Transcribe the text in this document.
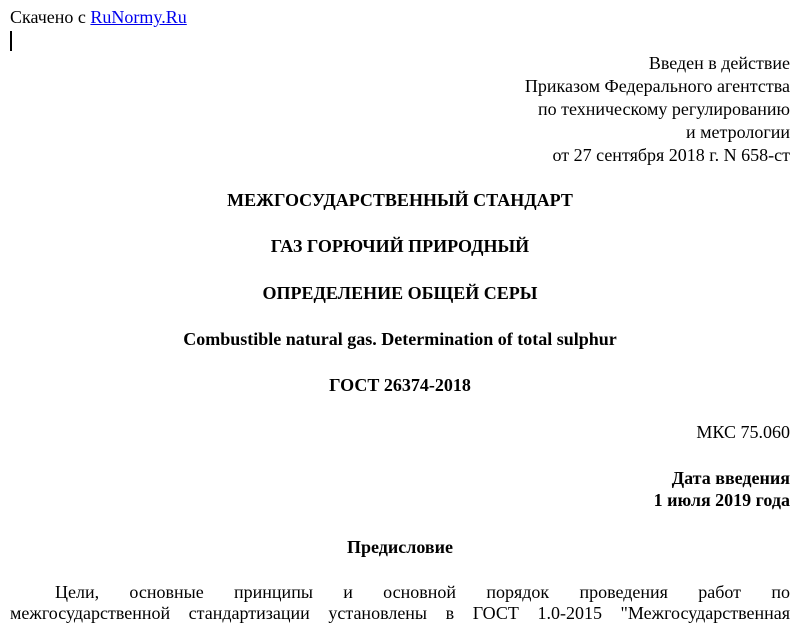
Скачено с RuNormy.Ru
Введен в действие
Приказом Федерального агентства
по техническому регулированию
и метрологии
от 27 сентября 2018 г. N 658-ст
МЕЖГОСУДАРСТВЕННЫЙ СТАНДАРТ
ГАЗ ГОРЮЧИЙ ПРИРОДНЫЙ
ОПРЕДЕЛЕНИЕ ОБЩЕЙ СЕРЫ
Combustible natural gas. Determination of total sulphur
ГОСТ 26374-2018
МКС 75.060
Дата введения
1 июля 2019 года
Предисловие
Цели, основные принципы и основной порядок проведения работ по
межгосударственной стандартизации установлены в ГОСТ 1.0-2015 "Межгосударственная
